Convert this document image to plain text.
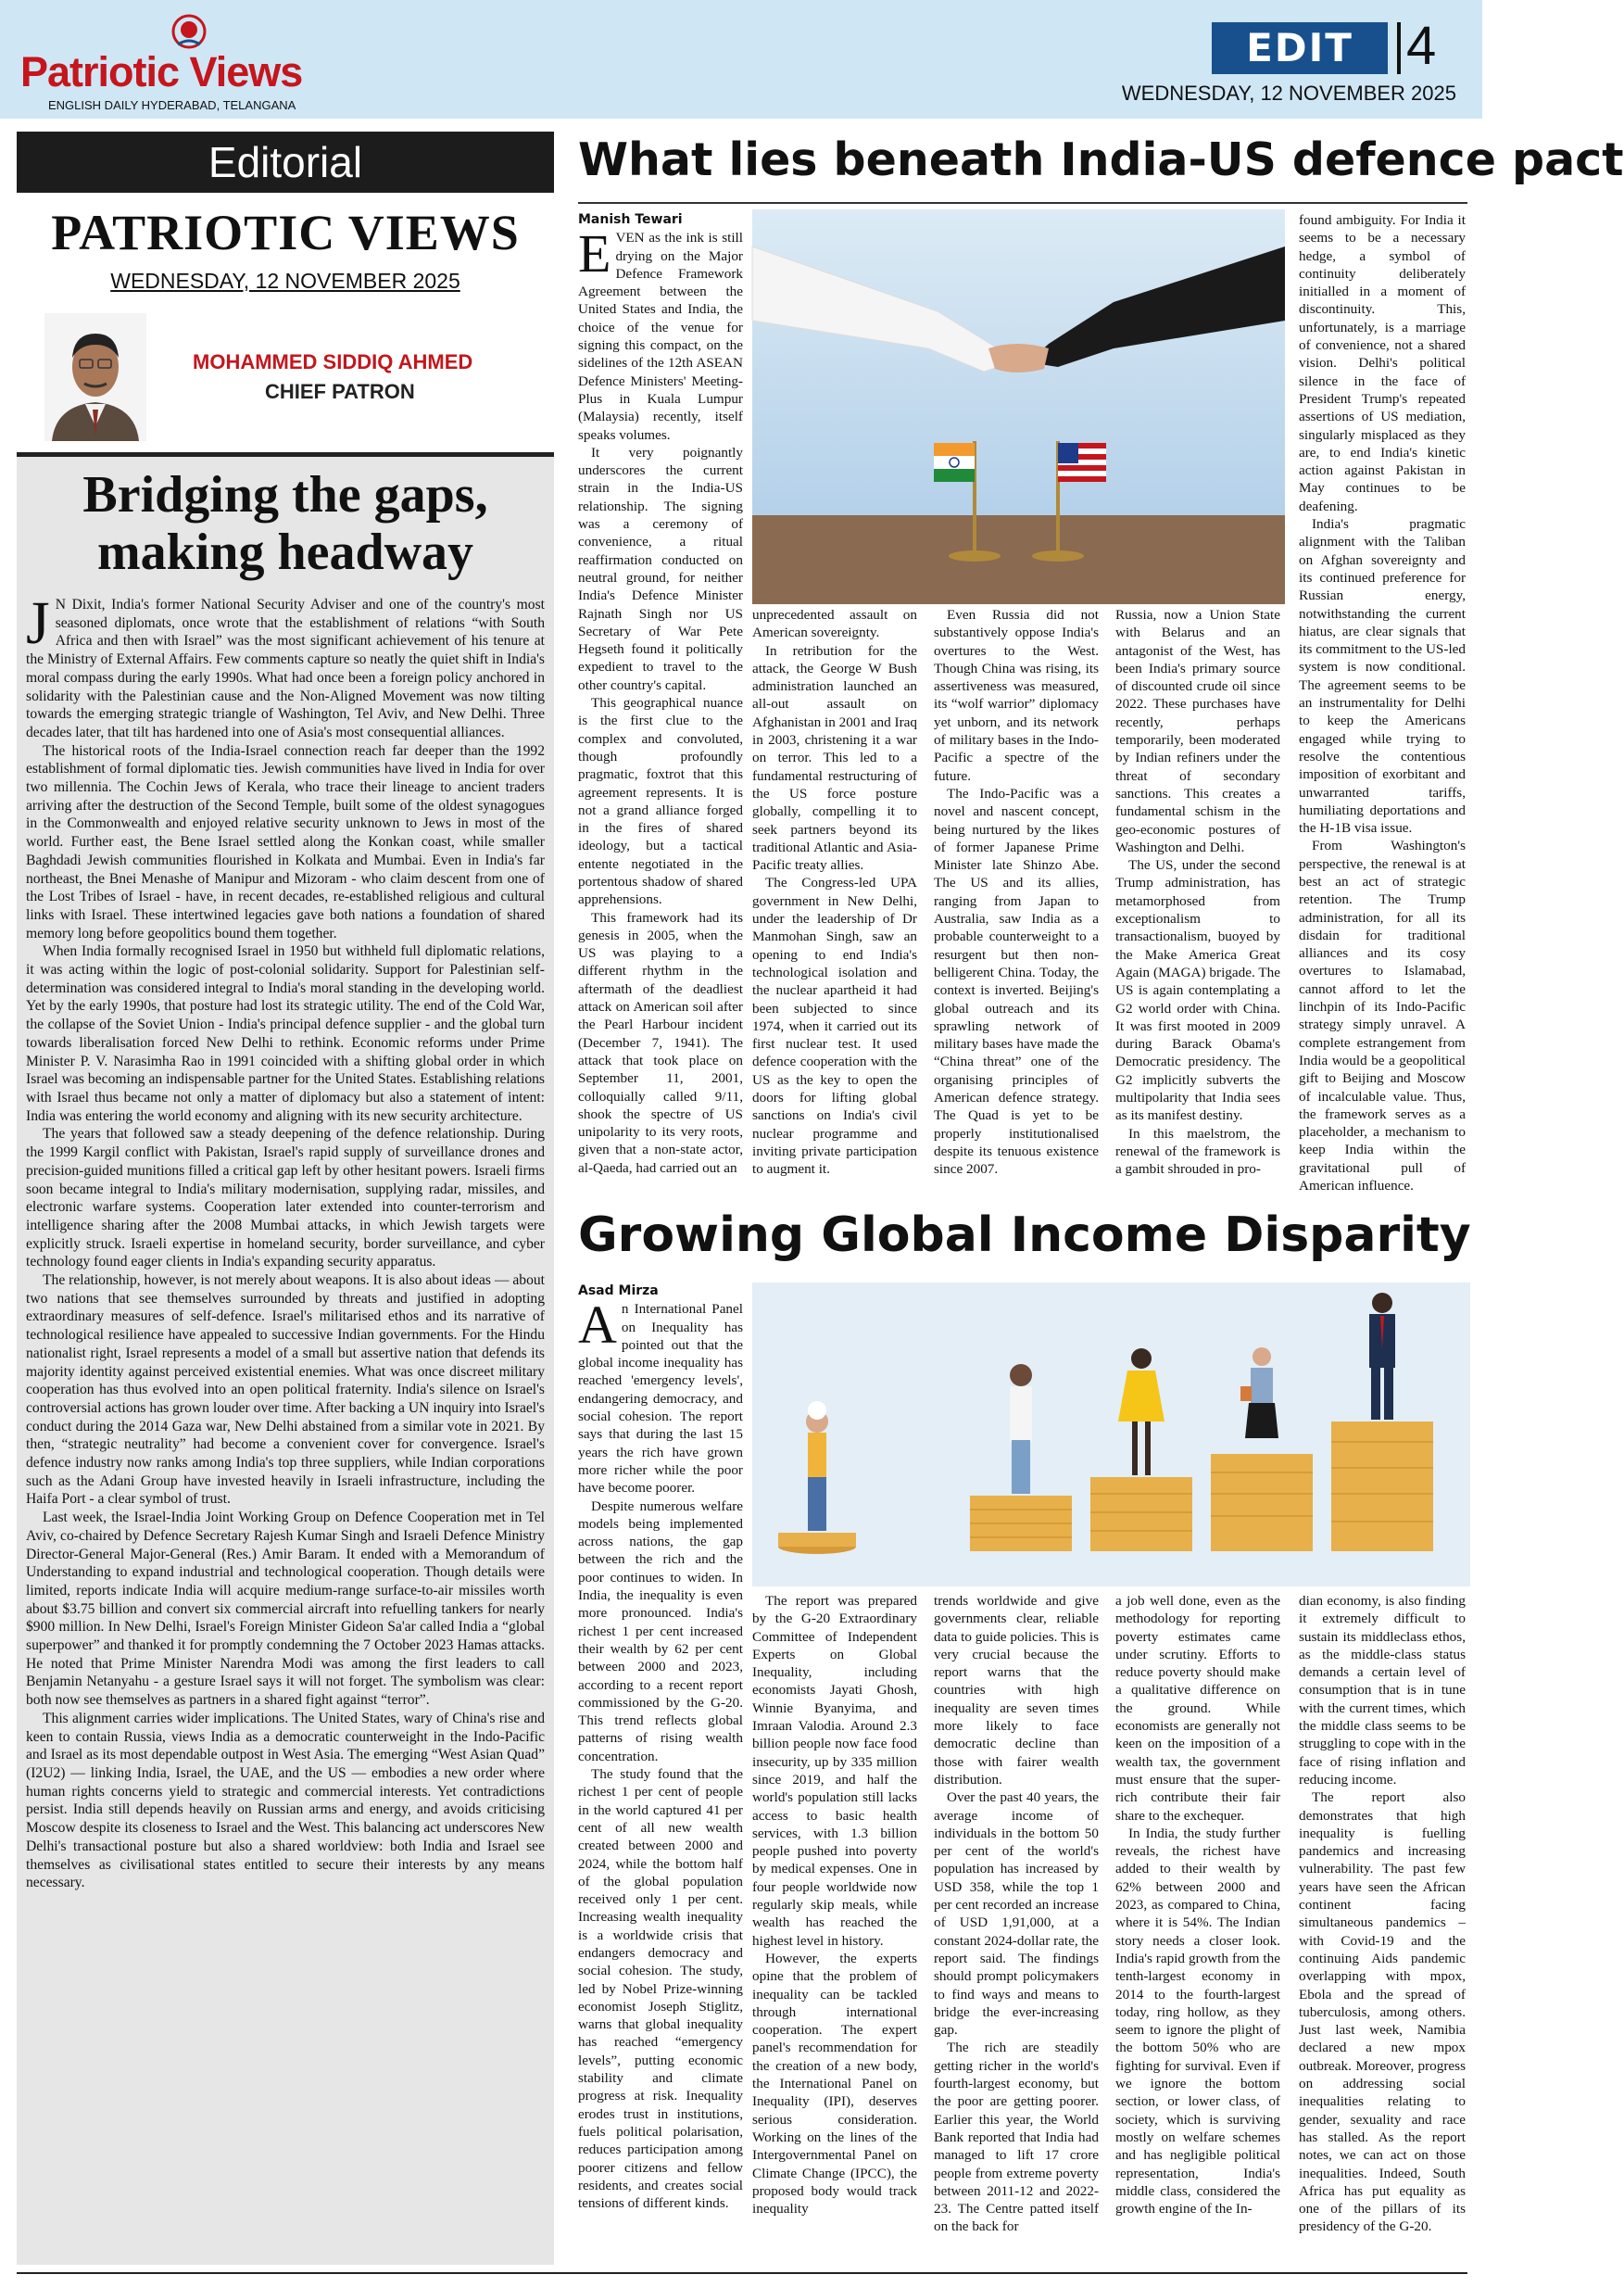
Patriotic Views
ENGLISH DAILY HYDERABAD, TELANGANA
EDIT 4
WEDNESDAY, 12 NOVEMBER 2025
Editorial
PATRIOTIC VIEWS
WEDNESDAY, 12 NOVEMBER 2025
MOHAMMED SIDDIQ AHMED
CHIEF PATRON
Bridging the gaps,
making headway

J N Dixit, India's former National Security Adviser and one of the country's most seasoned diplomats, once wrote that the establishment of relations “with South Africa and then with Israel” was the most significant achievement of his tenure at the Ministry of External Affairs. Few comments capture so neatly the quiet shift in India's moral compass during the early 1990s. What had once been a foreign policy anchored in solidarity with the Palestinian cause and the Non-Aligned Movement was now tilting towards the emerging strategic triangle of Washington, Tel Aviv, and New Delhi. Three decades later, that tilt has hardened into one of Asia's most consequential alliances.

The historical roots of the India-Israel connection reach far deeper than the 1992 establishment of formal diplomatic ties. Jewish communities have lived in India for over two millennia. The Cochin Jews of Kerala, who trace their lineage to ancient traders arriving after the destruction of the Second Temple, built some of the oldest synagogues in the Commonwealth and enjoyed relative security unknown to Jews in most of the world. Further east, the Bene Israel settled along the Konkan coast, while smaller Baghdadi Jewish communities flourished in Kolkata and Mumbai. Even in India's far northeast, the Bnei Menashe of Manipur and Mizoram - who claim descent from one of the Lost Tribes of Israel - have, in recent decades, re-established religious and cultural links with Israel. These intertwined legacies gave both nations a foundation of shared memory long before geopolitics bound them together.

When India formally recognised Israel in 1950 but withheld full diplomatic relations, it was acting within the logic of post-colonial solidarity. Support for Palestinian self-determination was considered integral to India's moral standing in the developing world. Yet by the early 1990s, that posture had lost its strategic utility. The end of the Cold War, the collapse of the Soviet Union - India's principal defence supplier - and the global turn towards liberalisation forced New Delhi to rethink. Economic reforms under Prime Minister P. V. Narasimha Rao in 1991 coincided with a shifting global order in which Israel was becoming an indispensable partner for the United States. Establishing relations with Israel thus became not only a matter of diplomacy but also a statement of intent: India was entering the world economy and aligning with its new security architecture.

The years that followed saw a steady deepening of the defence relationship. During the 1999 Kargil conflict with Pakistan, Israel's rapid supply of surveillance drones and precision-guided munitions filled a critical gap left by other hesitant powers. Israeli firms soon became integral to India's military modernisation, supplying radar, missiles, and electronic warfare systems. Cooperation later extended into counter-terrorism and intelligence sharing after the 2008 Mumbai attacks, in which Jewish targets were explicitly struck. Israeli expertise in homeland security, border surveillance, and cyber technology found eager clients in India's expanding security apparatus.

The relationship, however, is not merely about weapons. It is also about ideas — about two nations that see themselves surrounded by threats and justified in adopting extraordinary measures of self-defence. Israel's militarised ethos and its narrative of technological resilience have appealed to successive Indian governments. For the Hindu nationalist right, Israel represents a model of a small but assertive nation that defends its majority identity against perceived existential enemies. What was once discreet military cooperation has thus evolved into an open political fraternity. India's silence on Israel's controversial actions has grown louder over time. After backing a UN inquiry into Israel's conduct during the 2014 Gaza war, New Delhi abstained from a similar vote in 2021. By then, “strategic neutrality” had become a convenient cover for convergence. Israel's defence industry now ranks among India's top three suppliers, while Indian corporations such as the Adani Group have invested heavily in Israeli infrastructure, including the Haifa Port - a clear symbol of trust.

Last week, the Israel-India Joint Working Group on Defence Cooperation met in Tel Aviv, co-chaired by Defence Secretary Rajesh Kumar Singh and Israeli Defence Ministry Director-General Major-General (Res.) Amir Baram. It ended with a Memorandum of Understanding to expand industrial and technological cooperation. Though details were limited, reports indicate India will acquire medium-range surface-to-air missiles worth about $3.75 billion and convert six commercial aircraft into refuelling tankers for nearly $900 million. In New Delhi, Israel's Foreign Minister Gideon Sa'ar called India a “global superpower” and thanked it for promptly condemning the 7 October 2023 Hamas attacks. He noted that Prime Minister Narendra Modi was among the first leaders to call Benjamin Netanyahu - a gesture Israel says it will not forget. The symbolism was clear: both now see themselves as partners in a shared fight against “terror”.

This alignment carries wider implications. The United States, wary of China's rise and keen to contain Russia, views India as a democratic counterweight in the Indo-Pacific and Israel as its most dependable outpost in West Asia. The emerging “West Asian Quad” (I2U2) — linking India, Israel, the UAE, and the US — embodies a new order where human rights concerns yield to strategic and commercial interests. Yet contradictions persist. India still depends heavily on Russian arms and energy, and avoids criticising Moscow despite its closeness to Israel and the West. This balancing act underscores New Delhi's transactional posture but also a shared worldview: both India and Israel see themselves as civilisational states entitled to secure their interests by any means necessary.

What lies beneath India-US defence pact
Manish Tewari

EVEN as the ink is still drying on the Major Defence Framework Agreement between the United States and India, the choice of the venue for signing this compact, on the sidelines of the 12th ASEAN Defence Ministers' Meeting-Plus in Kuala Lumpur (Malaysia) recently, itself speaks volumes.

It very poignantly underscores the current strain in the India-US relationship. The signing was a ceremony of convenience, a ritual reaffirmation conducted on neutral ground, for neither India's Defence Minister Rajnath Singh nor US Secretary of War Pete Hegseth found it politically expedient to travel to the other country's capital.

This geographical nuance is the first clue to the complex and convoluted, though profoundly pragmatic, foxtrot that this agreement represents. It is not a grand alliance forged in the fires of shared ideology, but a tactical entente negotiated in the portentous shadow of shared apprehensions.

This framework had its genesis in 2005, when the US was playing to a different rhythm in the aftermath of the deadliest attack on American soil after the Pearl Harbour incident (December 7, 1941). The attack that took place on September 11, 2001, colloquially called 9/11, shook the spectre of US unipolarity to its very roots, given that a non-state actor, al-Qaeda, had carried out an

unprecedented assault on American sovereignty.

In retribution for the attack, the George W Bush administration launched an all-out assault on Afghanistan in 2001 and Iraq in 2003, christening it a war on terror. This led to a fundamental restructuring of the US force posture globally, compelling it to seek partners beyond its traditional Atlantic and Asia-Pacific treaty allies.

The Congress-led UPA government in New Delhi, under the leadership of Dr Manmohan Singh, saw an opening to end India's technological isolation and the nuclear apartheid it had been subjected to since 1974, when it carried out its first nuclear test. It used defence cooperation with the US as the key to open the doors for lifting global sanctions on India's civil nuclear programme and inviting private participation to augment it.

Even Russia did not substantively oppose India's overtures to the West. Though China was rising, its assertiveness was measured, its “wolf warrior” diplomacy yet unborn, and its network of military bases in the Indo-Pacific a spectre of the future.

The Indo-Pacific was a novel and nascent concept, being nurtured by the likes of former Japanese Prime Minister late Shinzo Abe. The US and its allies, ranging from Japan to Australia, saw India as a probable counterweight to a resurgent but then non-belligerent China. Today, the context is inverted. Beijing's global outreach and its sprawling network of military bases have made the “China threat” one of the organising principles of American defence strategy. The Quad is yet to be properly institutionalised despite its tenuous existence since 2007.

Russia, now a Union State with Belarus and an antagonist of the West, has been India's primary source of discounted crude oil since 2022. These purchases have recently, perhaps temporarily, been moderated by Indian refiners under the threat of secondary sanctions. This creates a fundamental schism in the geo-economic postures of Washington and Delhi.

The US, under the second Trump administration, has metamorphosed from exceptionalism to transactionalism, buoyed by the Make America Great Again (MAGA) brigade. The US is again contemplating a G2 world order with China. It was first mooted in 2009 during Barack Obama's Democratic presidency. The G2 implicitly subverts the multipolarity that India sees as its manifest destiny.

In this maelstrom, the renewal of the framework is a gambit shrouded in pro-

found ambiguity. For India it seems to be a necessary hedge, a symbol of continuity deliberately initialled in a moment of discontinuity. This, unfortunately, is a marriage of convenience, not a shared vision. Delhi's political silence in the face of President Trump's repeated assertions of US mediation, singularly misplaced as they are, to end India's kinetic action against Pakistan in May continues to be deafening.

India's pragmatic alignment with the Taliban on Afghan sovereignty and its continued preference for Russian energy, notwithstanding the current hiatus, are clear signals that its commitment to the US-led system is now conditional. The agreement seems to be an instrumentality for Delhi to keep the Americans engaged while trying to resolve the contentious imposition of exorbitant and unwarranted tariffs, humiliating deportations and the H-1B visa issue.

From Washington's perspective, the renewal is at best an act of strategic retention. The Trump administration, for all its disdain for traditional alliances and its cosy overtures to Islamabad, cannot afford to let the linchpin of its Indo-Pacific strategy simply unravel. A complete estrangement from India would be a geopolitical gift to Beijing and Moscow of incalculable value. Thus, the framework serves as a placeholder, a mechanism to keep India within the gravitational pull of American influence.

Growing Global Income Disparity
Asad Mirza

An International Panel on Inequality has pointed out that the global income inequality has reached 'emergency levels', endangering democracy, and social cohesion. The report says that during the last 15 years the rich have grown more richer while the poor have become poorer.

Despite numerous welfare models being implemented across nations, the gap between the rich and the poor continues to widen. In India, the inequality is even more pronounced. India's richest 1 per cent increased their wealth by 62 per cent between 2000 and 2023, according to a recent report commissioned by the G-20. This trend reflects global patterns of rising wealth concentration.

The study found that the richest 1 per cent of people in the world captured 41 per cent of all new wealth created between 2000 and 2024, while the bottom half of the global population received only 1 per cent. Increasing wealth inequality is a worldwide crisis that endangers democracy and social cohesion. The study, led by Nobel Prize-winning economist Joseph Stiglitz, warns that global inequality has reached “emergency levels”, putting economic stability and climate progress at risk. Inequality erodes trust in institutions, fuels political polarisation, reduces participation among poorer citizens and fellow residents, and creates social tensions of different kinds.

The report was prepared by the G-20 Extraordinary Committee of Independent Experts on Global Inequality, including economists Jayati Ghosh, Winnie Byanyima, and Imraan Valodia. Around 2.3 billion people now face food insecurity, up by 335 million since 2019, and half the world's population still lacks access to basic health services, with 1.3 billion people pushed into poverty by medical expenses. One in four people worldwide now regularly skip meals, while wealth has reached the highest level in history.

However, the experts opine that the problem of inequality can be tackled through international cooperation. The expert panel's recommendation for the creation of a new body, the International Panel on Inequality (IPI), deserves serious consideration. Working on the lines of the Intergovernmental Panel on Climate Change (IPCC), the proposed body would track inequality

trends worldwide and give governments clear, reliable data to guide policies. This is very crucial because the report warns that the countries with high inequality are seven times more likely to face democratic decline than those with fairer wealth distribution.

Over the past 40 years, the average income of individuals in the bottom 50 per cent of the world's population has increased by USD 358, while the top 1 per cent recorded an increase of USD 1,91,000, at a constant 2024-dollar rate, the report said. The findings should prompt policymakers to find ways and means to bridge the ever-increasing gap.

The rich are steadily getting richer in the world's fourth-largest economy, but the poor are getting poorer. Earlier this year, the World Bank reported that India had managed to lift 17 crore people from extreme poverty between 2011-12 and 2022-23. The Centre patted itself on the back for

a job well done, even as the methodology for reporting poverty estimates came under scrutiny. Efforts to reduce poverty should make a qualitative difference on the ground. While economists are generally not keen on the imposition of a wealth tax, the government must ensure that the super-rich contribute their fair share to the exchequer.

In India, the study further reveals, the richest have added to their wealth by 62% between 2000 and 2023, as compared to China, where it is 54%. The Indian story needs a closer look. India's rapid growth from the tenth-largest economy in 2014 to the fourth-largest today, ring hollow, as they seem to ignore the plight of the bottom 50% who are fighting for survival. Even if we ignore the bottom section, or lower class, of society, which is surviving mostly on welfare schemes and has negligible political representation, India's middle class, considered the growth engine of the In-

dian economy, is also finding it extremely difficult to sustain its middleclass ethos, as the middle-class status demands a certain level of consumption that is in tune with the current times, which the middle class seems to be struggling to cope with in the face of rising inflation and reducing income.

The report also demonstrates that high inequality is fuelling pandemics and increasing vulnerability. The past few years have seen the African continent facing simultaneous pandemics – with Covid-19 and the continuing Aids pandemic overlapping with mpox, Ebola and the spread of tuberculosis, among others. Just last week, Namibia declared a new mpox outbreak. Moreover, progress on addressing social inequalities relating to gender, sexuality and race has stalled. As the report notes, we can act on those inequalities. Indeed, South Africa has put equality as one of the pillars of its presidency of the G-20.
